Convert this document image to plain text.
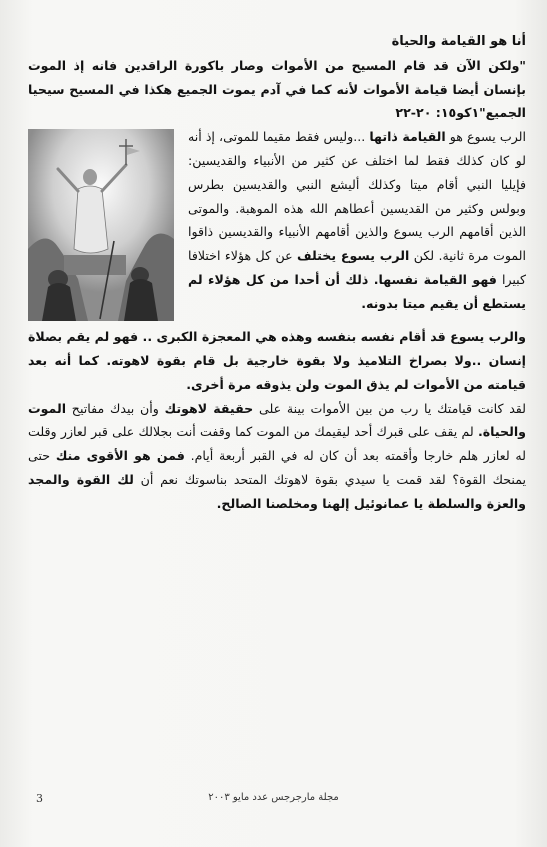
أنا هو القيامة والحياة

"ولكن الآن قد قام المسيح من الأموات وصار باكورة الراقدين فانه إذ الموت بإنسان أيضا قيامة الأموات لأنه كما في آدم يموت الجميع هكذا في المسيح سيحيا الجميع"١كو١٥: ٢٠-٢٢

الرب يسوع هو القيامة ذاتها ...وليس فقط مقيما للموتى، إذ أنه لو كان كذلك فقط لما اختلف عن كثير من الأنبياء والقديسين: فإيليا النبي أقام ميتا وكذلك أليشع النبي والقديسين بطرس وبولس وكثير من القديسين أعطاهم الله هذه الموهبة. والموتى الذين أقامهم الرب يسوع والذين أقامهم الأنبياء والقديسين ذاقوا الموت مرة ثانية. لكن الرب يسوع يختلف عن كل هؤلاء اختلافا كبيرا فهو القيامة نفسها. ذلك أن أحدا من كل هؤلاء لم يستطع أن يقيم ميتا بدونه.

والرب يسوع قد أقام نفسه بنفسه وهذه هي المعجزة الكبرى .. فهو لم يقم بصلاة إنسان ..ولا بصراخ التلاميذ ولا بقوة خارجية بل قام بقوة لاهوته. كما أنه بعد قيامته من الأموات لم يذق الموت ولن يذوقه مرة أخرى.

لقد كانت قيامتك يا رب من بين الأموات بينة على حقيقة لاهوتك وأن بيدك مفاتيح الموت والحياة. لم يقف على قبرك أحد ليقيمك من الموت كما وقفت أنت بجلالك على قبر لعازر وقلت له لعازر هلم خارجا وأقمته بعد أن كان له في القبر أربعة أيام. فمن هو الأقوى منك حتى يمنحك القوة؟ لقد قمت يا سيدي بقوة لاهوتك المتحد بناسوتك نعم أن لك القوة والمجد والعزة والسلطة يا عمانوئيل إلهنا ومخلصنا الصالح.

3	مجلة مارجرجس عدد مايو ٢٠٠٣
